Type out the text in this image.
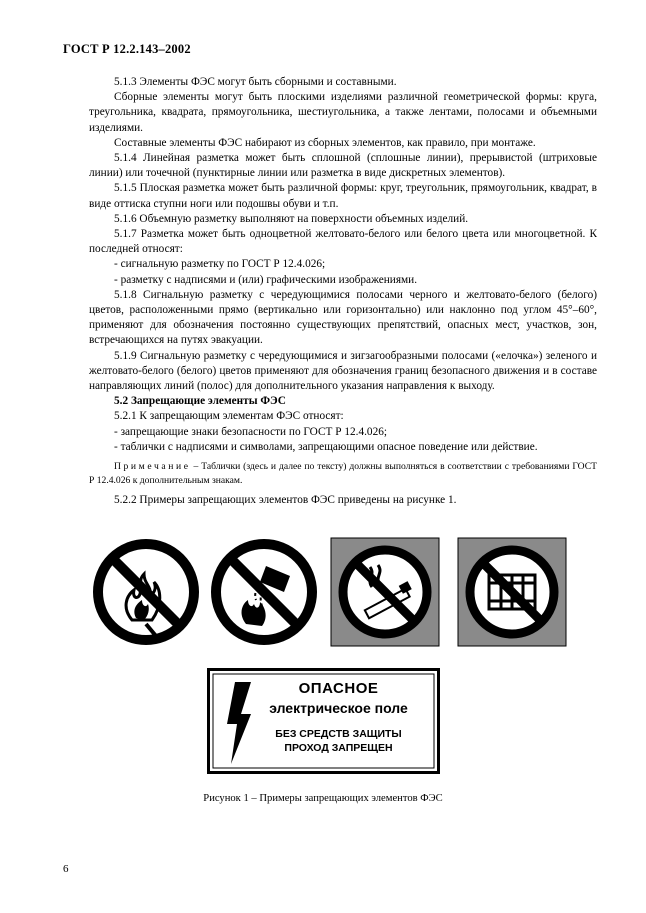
ГОСТ Р 12.2.143–2002

5.1.3 Элементы ФЭС могут быть сборными и составными.

Сборные элементы могут быть плоскими изделиями различной геометрической формы: круга, треугольника, квадрата, прямоугольника, шестиугольника, а также лентами, полосами и объемными изделиями.

Составные элементы ФЭС набирают из сборных элементов, как правило, при монтаже.

5.1.4 Линейная разметка может быть сплошной (сплошные линии), прерывистой (штриховые линии) или точечной (пунктирные линии или разметка в виде дискретных элементов).

5.1.5 Плоская разметка может быть различной формы: круг, треугольник, прямоугольник, квадрат, в виде оттиска ступни ноги или подошвы обуви и т.п.

5.1.6 Объемную разметку выполняют на поверхности объемных изделий.

5.1.7 Разметка может быть одноцветной желтовато-белого или белого цвета или многоцветной. К последней относят:

- сигнальную разметку по ГОСТ Р 12.4.026;

- разметку с надписями и (или) графическими изображениями.

5.1.8 Сигнальную разметку с чередующимися полосами черного и желтовато-белого (белого) цветов, расположенными прямо (вертикально или горизонтально) или наклонно под углом 45°–60°, применяют для обозначения постоянно существующих препятствий, опасных мест, участков, зон, встречающихся на путях эвакуации.

5.1.9 Сигнальную разметку с чередующимися и зигзагообразными полосами («елочка») зеленого и желтовато-белого (белого) цветов применяют для обозначения границ безопасного движения и в составе направляющих линий (полос) для дополнительного указания направления к выходу.

5.2 Запрещающие элементы ФЭС

5.2.1 К запрещающим элементам ФЭС относят:

- запрещающие знаки безопасности по ГОСТ Р 12.4.026;

- таблички с надписями и символами, запрещающими опасное поведение или действие.

Примечание – Таблички (здесь и далее по тексту) должны выполняться в соответствии с требованиями ГОСТ Р 12.4.026 к дополнительным знакам.

5.2.2 Примеры запрещающих элементов ФЭС приведены на рисунке 1.

ОПАСНОЕ
электрическое поле
БЕЗ СРЕДСТВ ЗАЩИТЫ
ПРОХОД ЗАПРЕЩЕН
Рисунок 1 – Примеры запрещающих элементов ФЭС
6
